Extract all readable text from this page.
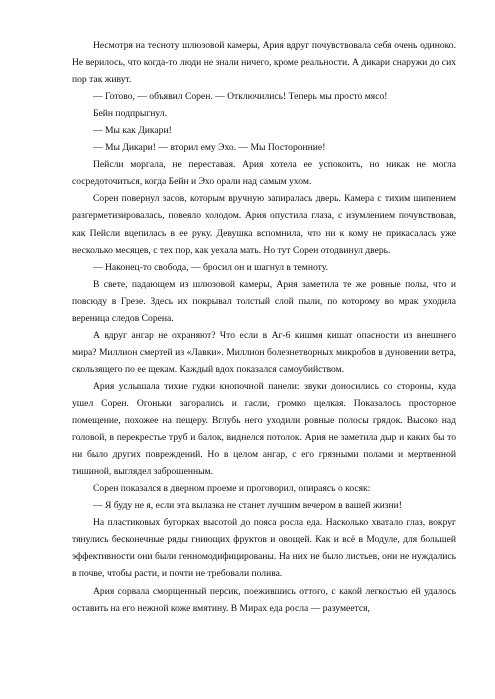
Несмотря на тесноту шлюзовой камеры, Ария вдруг почувствовала себя очень одиноко. Не верилось, что когда-то люди не знали ничего, кроме реальности. А дикари снаружи до сих пор так живут.

— Готово, — объявил Сорен. — Отключились! Теперь мы просто мясо!

Бейн подпрыгнул.

— Мы как Дикари!

— Мы Дикари! — вторил ему Эхо. — Мы Посторонние!

Пейсли моргала, не переставая. Ария хотела ее успокоить, но никак не могла сосредоточиться, когда Бейн и Эхо орали над самым ухом.

Сорен повернул засов, которым вручную запиралась дверь. Камера с тихим шипением разгерметизировалась, повеяло холодом. Ария опустила глаза, с изумлением почувствовав, как Пейсли вцепилась в ее руку. Девушка вспомнила, что ни к кому не прикасалась уже несколько месяцев, с тех пор, как уехала мать. Но тут Сорен отодвинул дверь.

— Наконец-то свобода, — бросил он и шагнул в темноту.

В свете, падающем из шлюзовой камеры, Ария заметила те же ровные полы, что и повсюду в Грезе. Здесь их покрывал толстый слой пыли, по которому во мрак уходила вереница следов Сорена.

А вдруг ангар не охраняют? Что если в Аг-6 кишмя кишат опасности из внешнего мира? Миллион смертей из «Лавки». Миллион болезнетворных микробов в дуновении ветра, скользящего по ее щекам. Каждый вдох показался самоубийством.

Ария услышала тихие гудки кнопочной панели: звуки доносились со стороны, куда ушел Сорен. Огоньки загорались и гасли, громко щелкая. Показалось просторное помещение, похожее на пещеру. Вглубь него уходили ровные полосы грядок. Высоко над головой, в перекрестье труб и балок, виднелся потолок. Ария не заметила дыр и каких бы то ни было других повреждений. Но в целом ангар, с его грязными полами и мертвенной тишиной, выглядел заброшенным.

Сорен показался в дверном проеме и проговорил, опираясь о косяк:

— Я буду не я, если эта вылазка не станет лучшим вечером в вашей жизни!

На пластиковых бугорках высотой до пояса росла еда. Насколько хватало глаз, вокруг тянулись бесконечные ряды гниющих фруктов и овощей. Как и всё в Модуле, для большей эффективности они были генномодифицированы. На них не было листьев, они не нуждались в почве, чтобы расти, и почти не требовали полива.

Ария сорвала сморщенный персик, поежившись оттого, с какой легкостью ей удалось оставить на его нежной коже вмятину. В Мирах еда росла — разумеется,
